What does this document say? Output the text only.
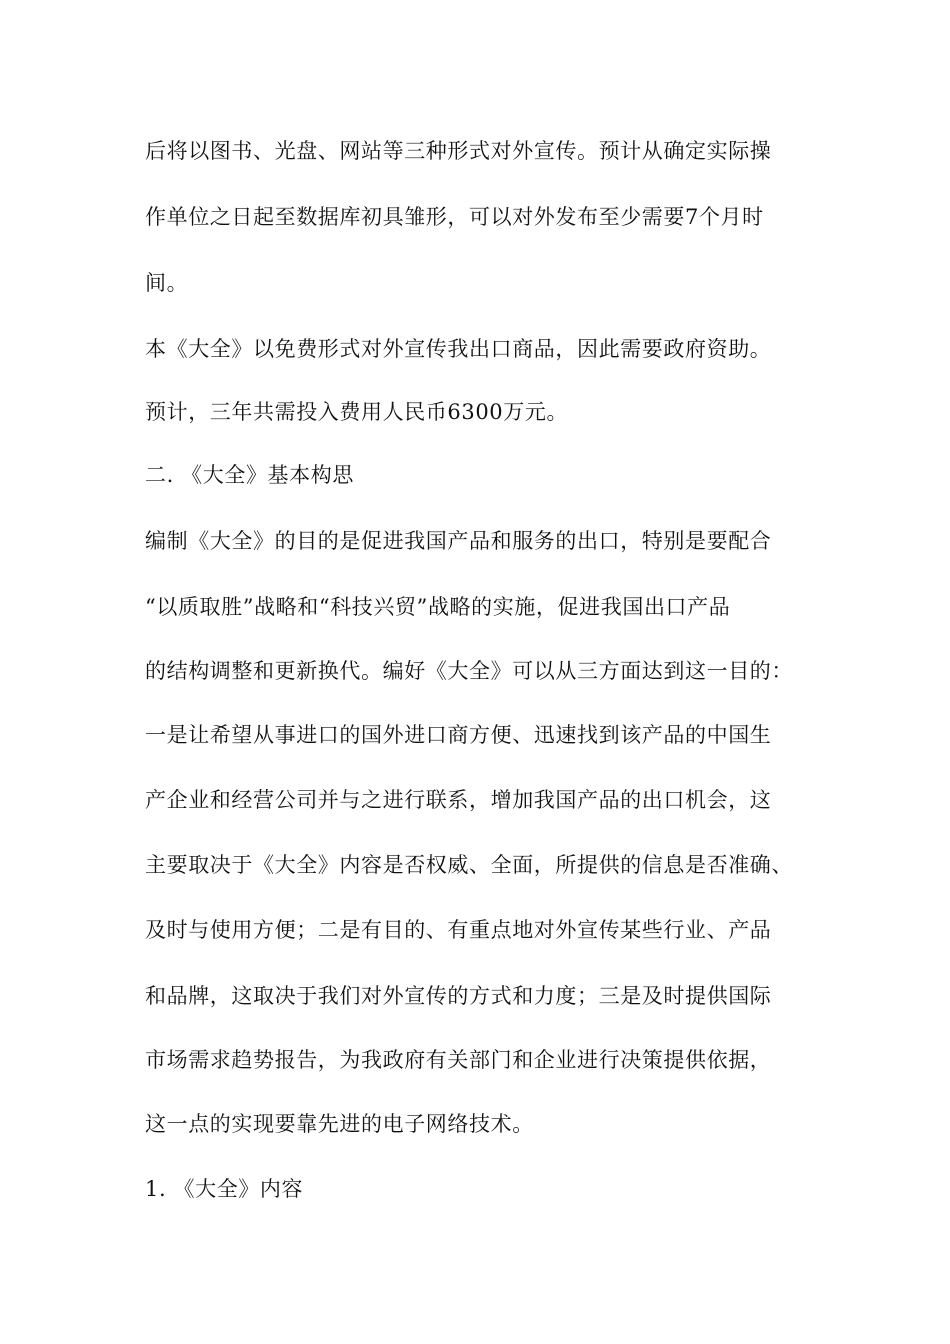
后将以图书、光盘、网站等三种形式对外宣传。预计从确定实际操
作单位之日起至数据库初具雏形，可以对外发布至少需要7个月时
间。
本《大全》以免费形式对外宣传我出口商品，因此需要政府资助。
预计，三年共需投入费用人民币6300万元。
二. 《大全》基本构思
编制《大全》的目的是促进我国产品和服务的出口，特别是要配合
“以质取胜”战略和“科技兴贸”战略的实施，促进我国出口产品
的结构调整和更新换代。编好《大全》可以从三方面达到这一目的：
一是让希望从事进口的国外进口商方便、迅速找到该产品的中国生
产企业和经营公司并与之进行联系，增加我国产品的出口机会，这
主要取决于《大全》内容是否权威、全面，所提供的信息是否准确、
及时与使用方便；二是有目的、有重点地对外宣传某些行业、产品
和品牌，这取决于我们对外宣传的方式和力度；三是及时提供国际
市场需求趋势报告，为我政府有关部门和企业进行决策提供依据，
这一点的实现要靠先进的电子网络技术。
1. 《大全》内容
